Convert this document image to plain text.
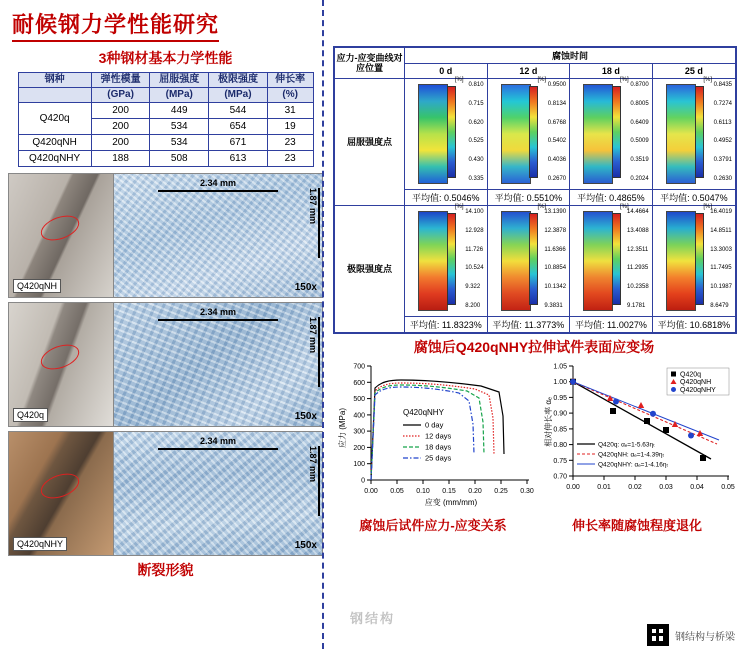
耐候钢力学性能研究
3种钢材基本力学性能
钢种	弹性模量	屈服强度	极限强度	伸长率
	(GPa)	(MPa)	(MPa)	(%)
Q420q	200	449	544	31
	200	534	654	19
Q420qNH	200	534	671	23
Q420qNHY	188	508	613	23
Q420qNH
2.34 mm
1.87 mm
150x
Q420q
2.34 mm
1.87 mm
150x
Q420qNHY
2.34 mm
1.87 mm
150x
断裂形貌
应力-应变曲线对应位置	腐蚀时间			
	0 d	12 d	18 d	25 d
屈服强度点	
[%]
0.810
0.715
0.620
0.525
0.430
0.335

[%]
0.9500
0.8134
0.6768
0.5402
0.4036
0.2670

[%]
0.8700
0.8005
0.6409
0.5009
0.3519
0.2024

[%]
0.8435
0.7274
0.6113
0.4952
0.3791
0.2630

	平均值: 0.5046%	平均值: 0.5510%	平均值: 0.4865%	平均值: 0.5047%
极限强度点	
[%]
14.100
12.928
11.726
10.524
9.322
8.200

[%]
13.1390
12.3878
11.6366
10.8854
10.1342
9.3831

[%]
14.4664
13.4088
12.3511
11.2935
10.2358
9.1781

[%]
16.4019
14.8511
13.3003
11.7495
10.1987
8.6479

	平均值: 11.8323%	平均值: 11.3773%	平均值: 11.0027%	平均值: 10.6818%
腐蚀后Q420qNHY拉伸试件表面应变场
0
100
200
300
400
500
600
700
0.00 0.05 0.10 0.15 0.20 0.25 0.30
Q420qNHY
0 day
12 days
18 days
25 days
应力 (MPa)
应变 (mm/mm)
腐蚀后试件应力-应变关系
0.70
0.75
0.80
0.85
0.90
0.95
1.00
1.05
0.00 0.01 0.02 0.03 0.04 0.05
Q420q
Q420qNH
Q420qNHY
Q420q: αₑ=1-5.63ηₜ
Q420qNH: αₑ=1-4.39ηₜ
Q420qNHY: αₑ=1-4.16ηₜ
相对伸长率 αₑ
伸长率随腐蚀程度退化
钢结构
钢结构与桥梁
